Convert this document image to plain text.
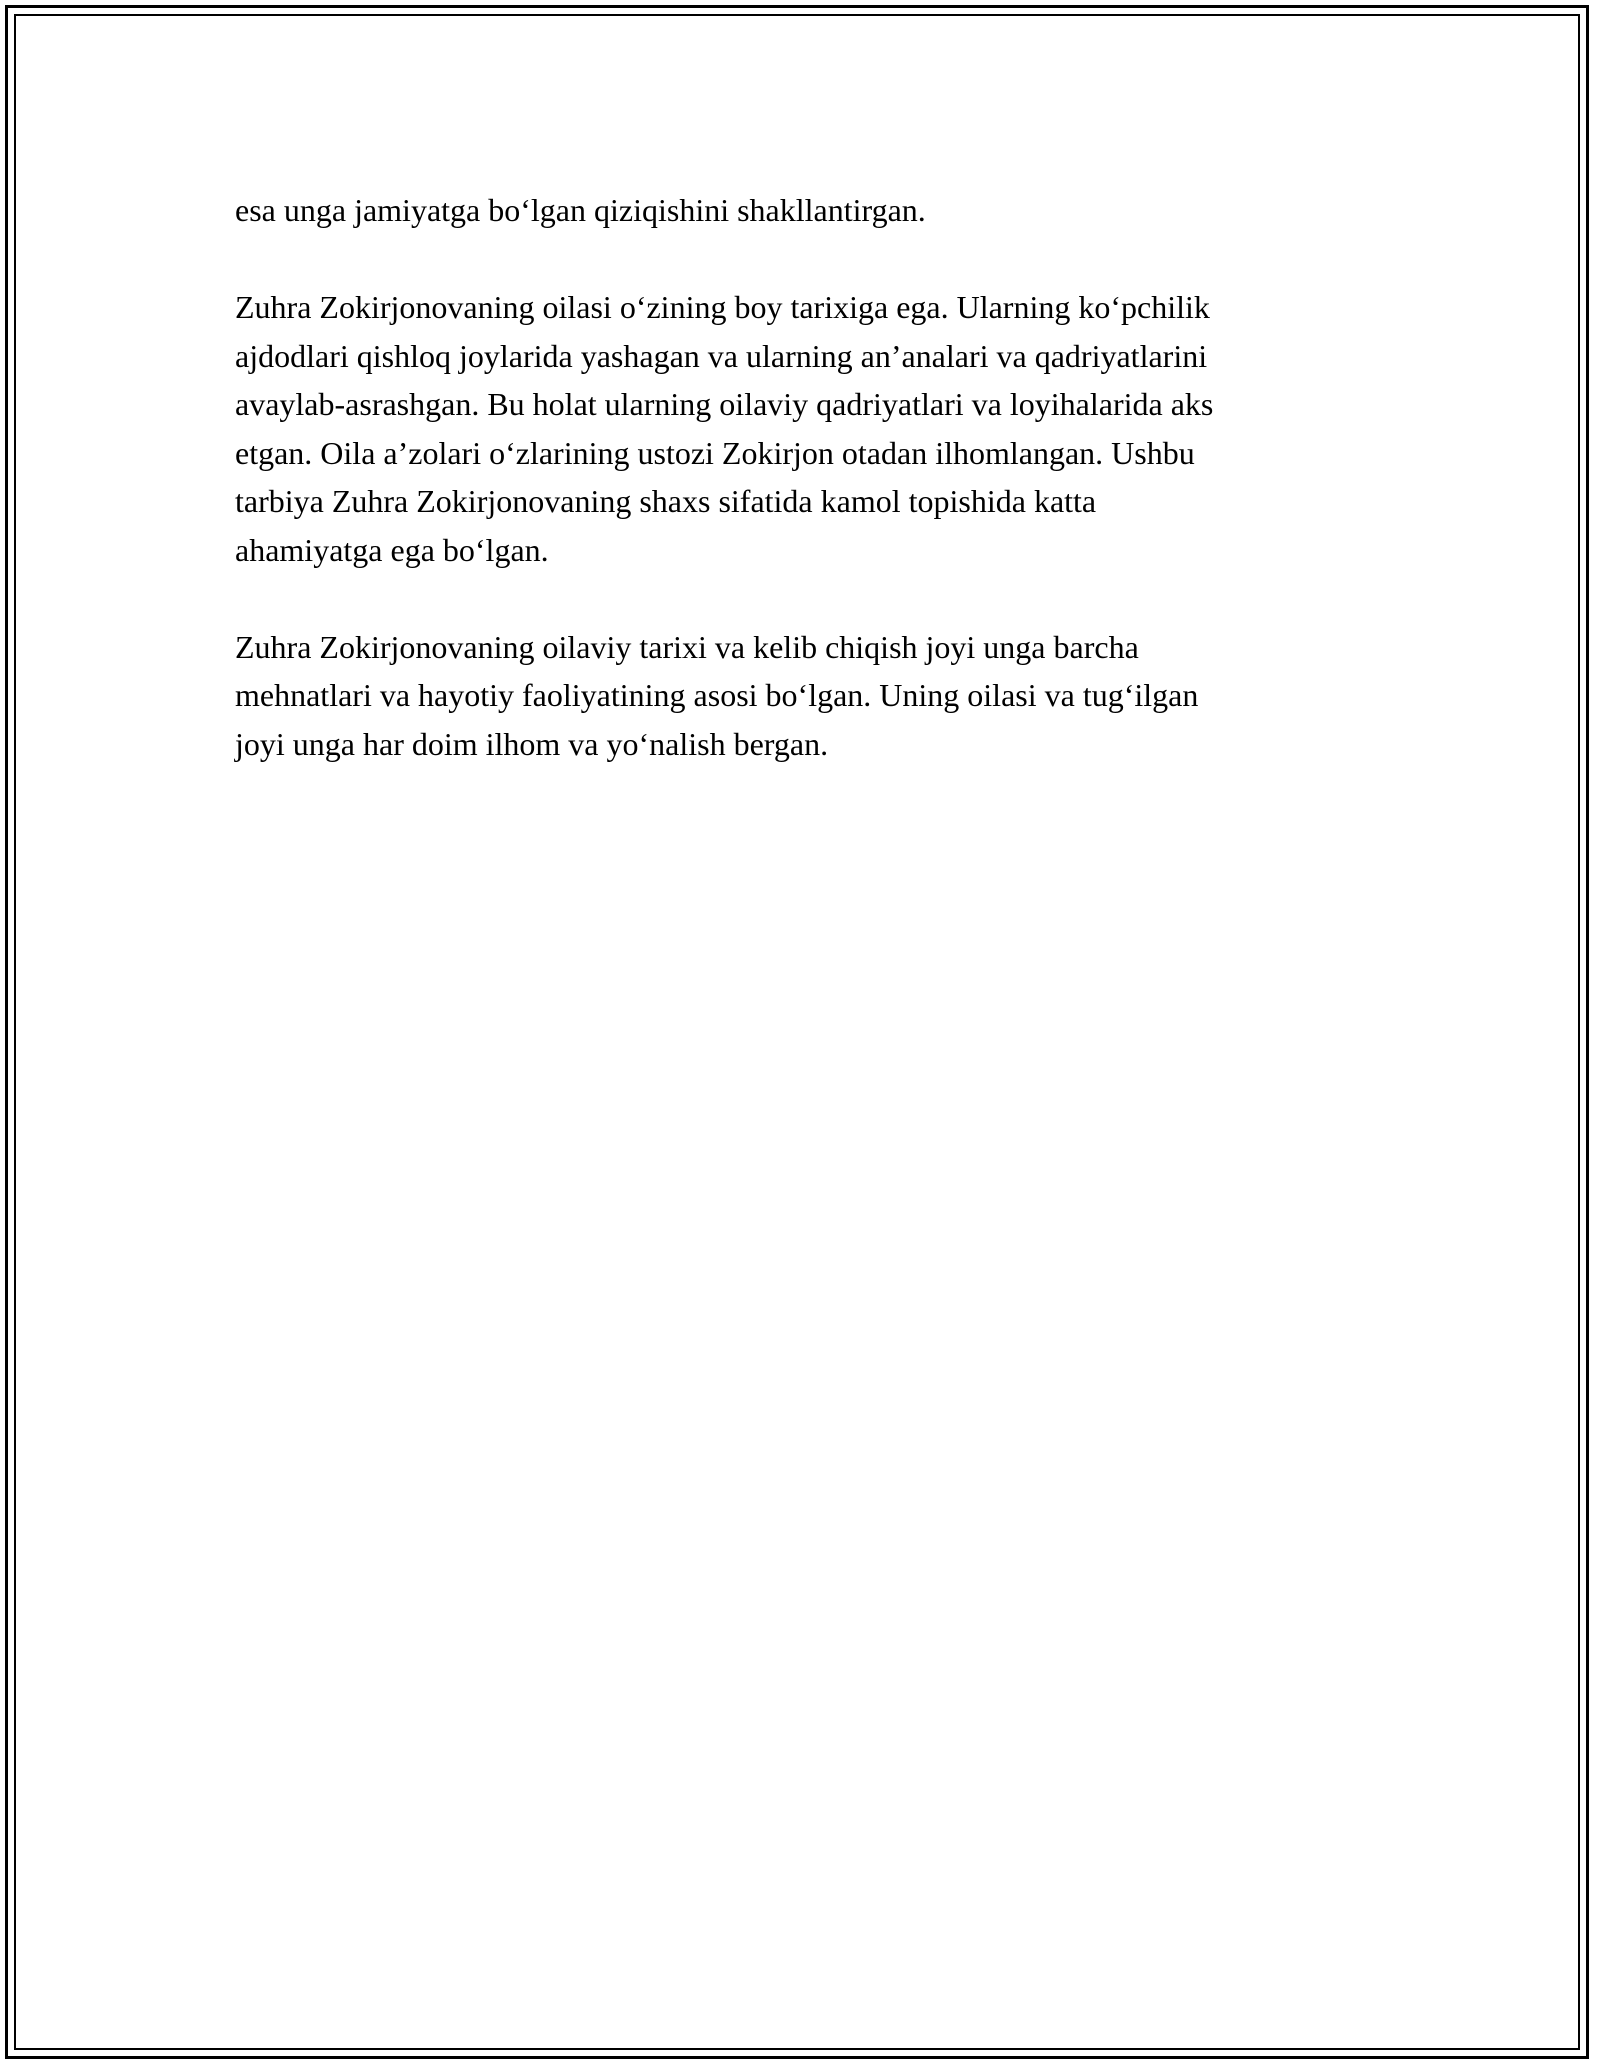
esa unga jamiyatga bo‘lgan qiziqishini shakllantirgan.

Zuhra Zokirjonovaning oilasi o‘zining boy tarixiga ega. Ularning ko‘pchilik
ajdodlari qishloq joylarida yashagan va ularning an’analari va qadriyatlarini
avaylab-asrashgan. Bu holat ularning oilaviy qadriyatlari va loyihalarida aks
etgan. Oila a’zolari o‘zlarining ustozi Zokirjon otadan ilhomlangan. Ushbu
tarbiya Zuhra Zokirjonovaning shaxs sifatida kamol topishida katta
ahamiyatga ega bo‘lgan.

Zuhra Zokirjonovaning oilaviy tarixi va kelib chiqish joyi unga barcha
mehnatlari va hayotiy faoliyatining asosi bo‘lgan. Uning oilasi va tug‘ilgan
joyi unga har doim ilhom va yo‘nalish bergan.
